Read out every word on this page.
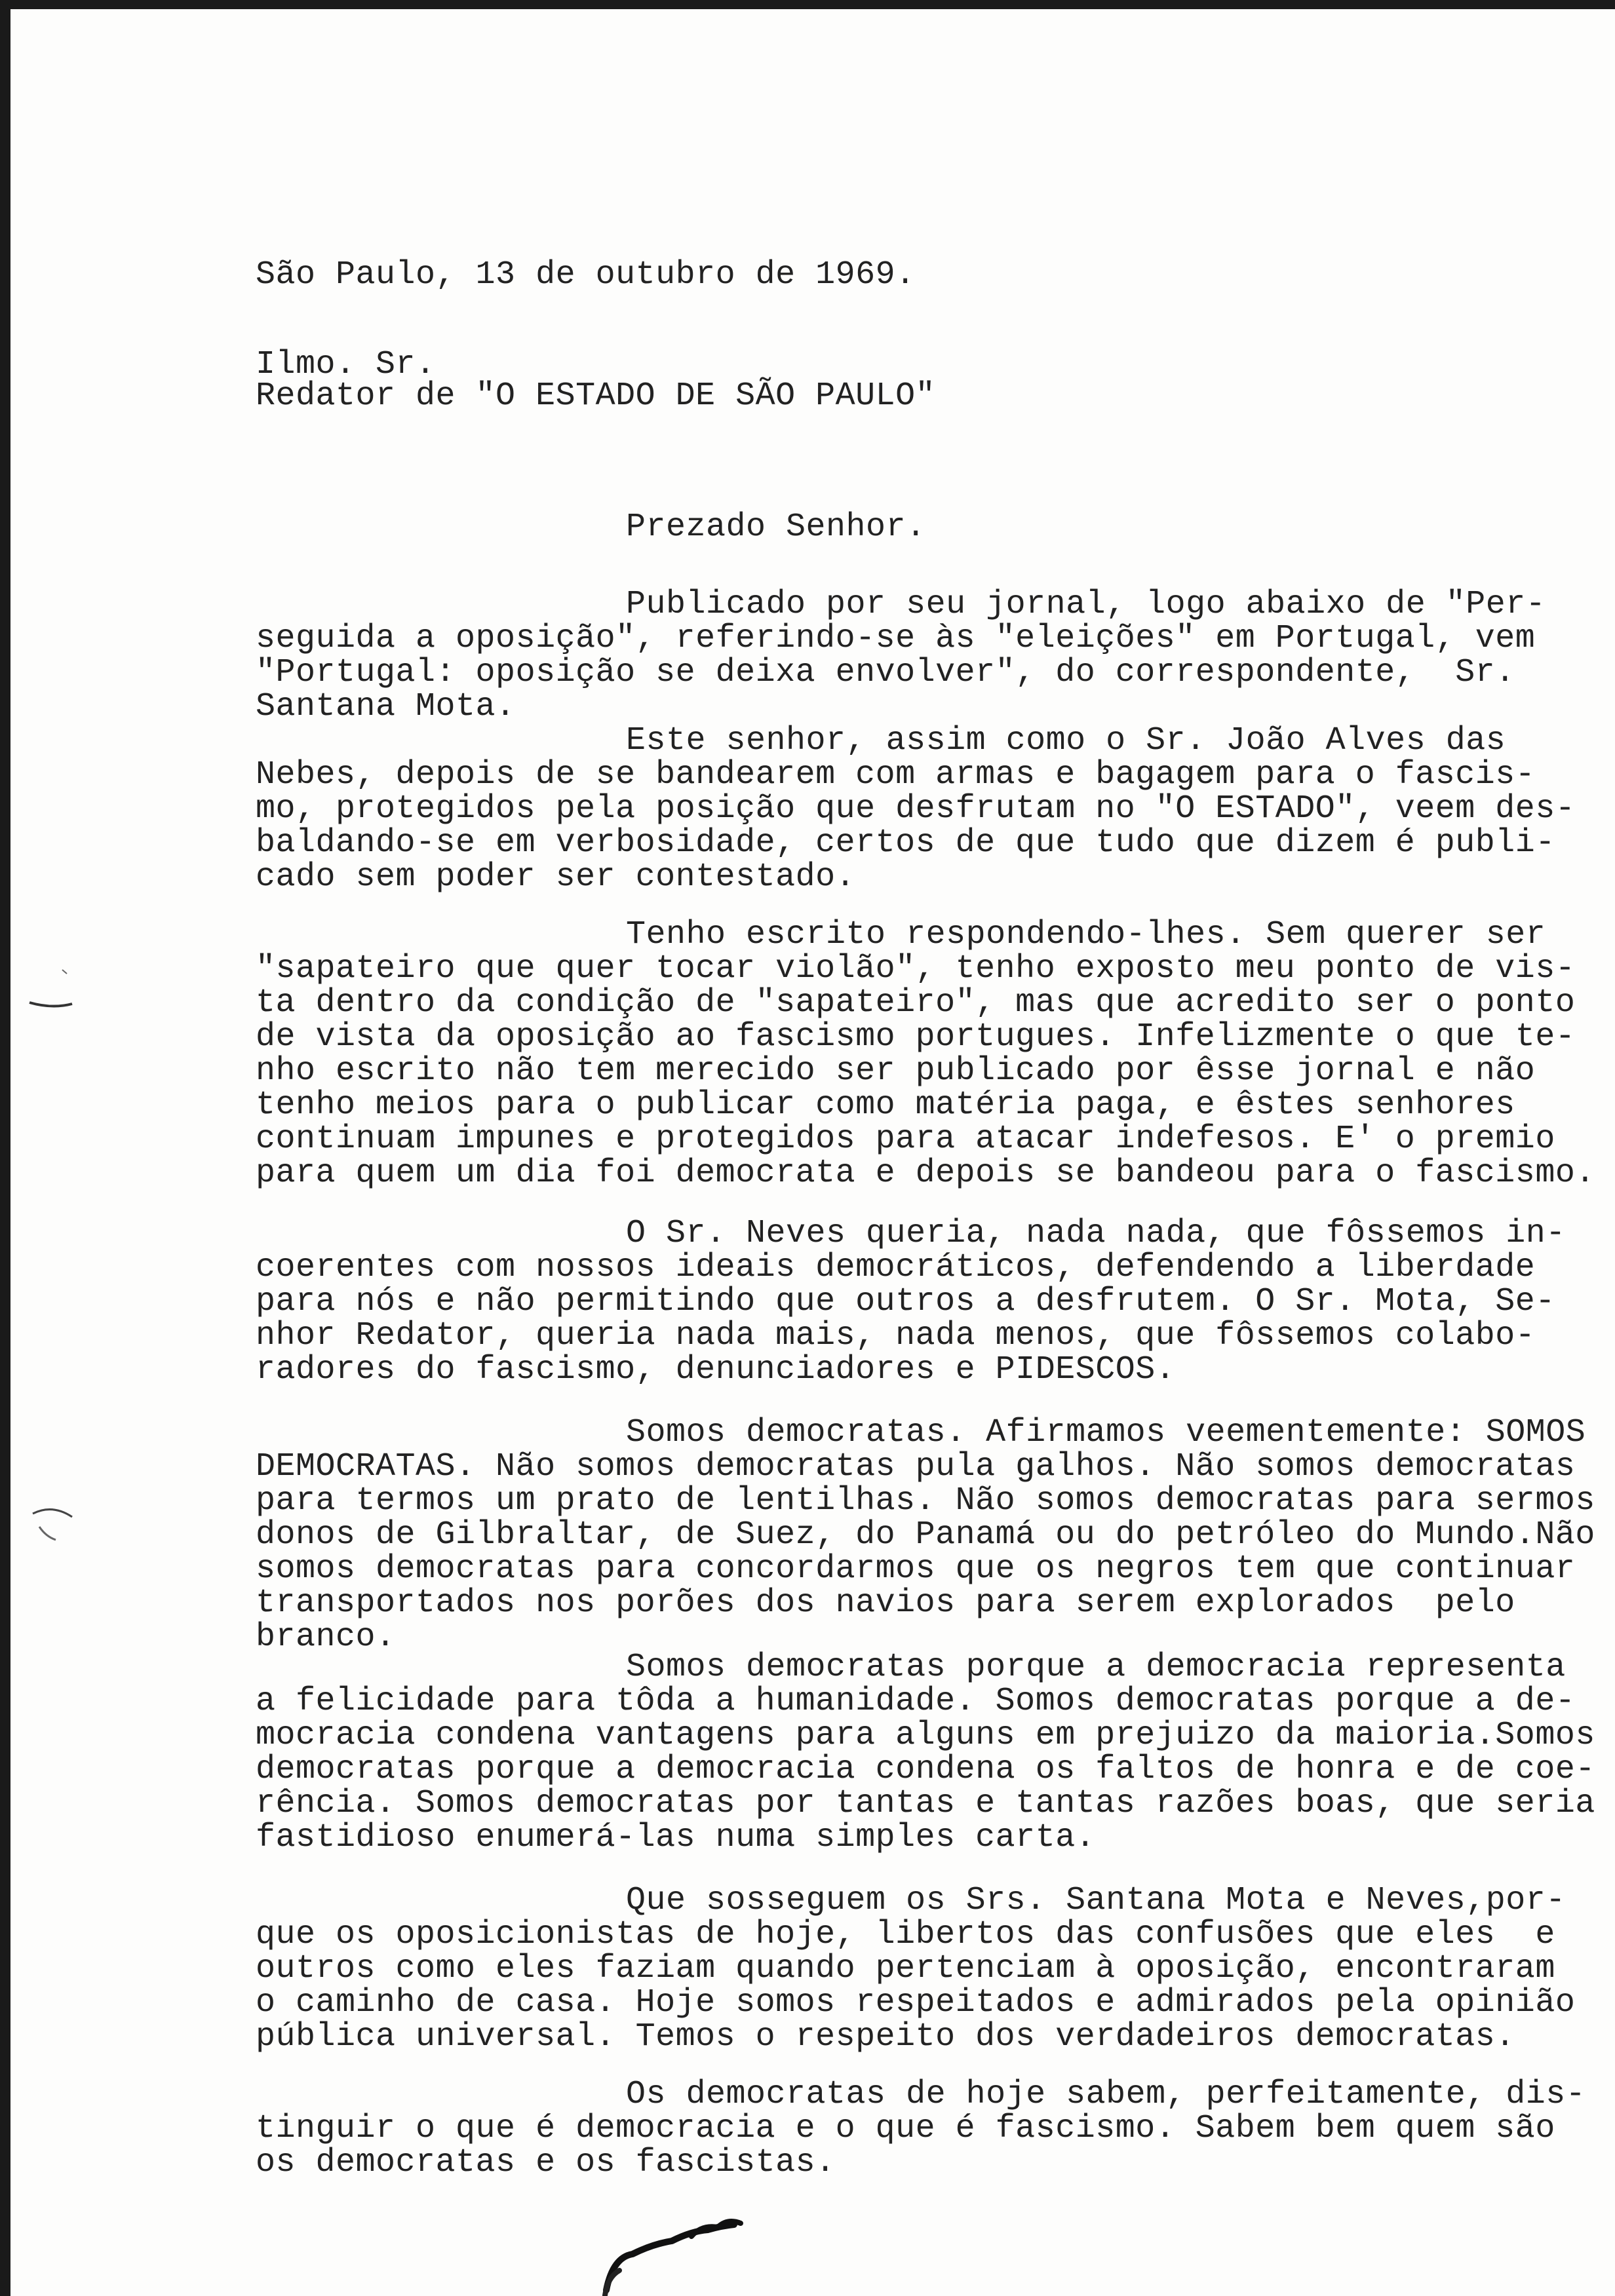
São Paulo, 13 de outubro de 1969.
Ilmo. Sr.
Redator de "O ESTADO DE SÃO PAULO"
Prezado Senhor.
Publicado por seu jornal, logo abaixo de "Per-
seguida a oposição", referindo-se às "eleições" em Portugal, vem
"Portugal: oposição se deixa envolver", do correspondente,  Sr.
Santana Mota.
Este senhor, assim como o Sr. João Alves das
Nebes, depois de se bandearem com armas e bagagem para o fascis-
mo, protegidos pela posição que desfrutam no "O ESTADO", veem des-
baldando-se em verbosidade, certos de que tudo que dizem é publi-
cado sem poder ser contestado.
Tenho escrito respondendo-lhes. Sem querer ser
"sapateiro que quer tocar violão", tenho exposto meu ponto de vis-
ta dentro da condição de "sapateiro", mas que acredito ser o ponto
de vista da oposição ao fascismo portugues. Infelizmente o que te-
nho escrito não tem merecido ser publicado por êsse jornal e não
tenho meios para o publicar como matéria paga, e êstes senhores
continuam impunes e protegidos para atacar indefesos. E' o premio
para quem um dia foi democrata e depois se bandeou para o fascismo.
O Sr. Neves queria, nada nada, que fôssemos in-
coerentes com nossos ideais democráticos, defendendo a liberdade
para nós e não permitindo que outros a desfrutem. O Sr. Mota, Se-
nhor Redator, queria nada mais, nada menos, que fôssemos colabo-
radores do fascismo, denunciadores e PIDESCOS.
Somos democratas. Afirmamos veementemente: SOMOS
DEMOCRATAS. Não somos democratas pula galhos. Não somos democratas
para termos um prato de lentilhas. Não somos democratas para sermos
donos de Gilbraltar, de Suez, do Panamá ou do petróleo do Mundo.Não
somos democratas para concordarmos que os negros tem que continuar
transportados nos porões dos navios para serem explorados  pelo
branco.
Somos democratas porque a democracia representa
a felicidade para tôda a humanidade. Somos democratas porque a de-
mocracia condena vantagens para alguns em prejuizo da maioria.Somos
democratas porque a democracia condena os faltos de honra e de coe-
rência. Somos democratas por tantas e tantas razões boas, que seria
fastidioso enumerá-las numa simples carta.
Que sosseguem os Srs. Santana Mota e Neves,por-
que os oposicionistas de hoje, libertos das confusões que eles  e
outros como eles faziam quando pertenciam à oposição, encontraram
o caminho de casa. Hoje somos respeitados e admirados pela opinião
pública universal. Temos o respeito dos verdadeiros democratas.
Os democratas de hoje sabem, perfeitamente, dis-
tinguir o que é democracia e o que é fascismo. Sabem bem quem são
os democratas e os fascistas.
